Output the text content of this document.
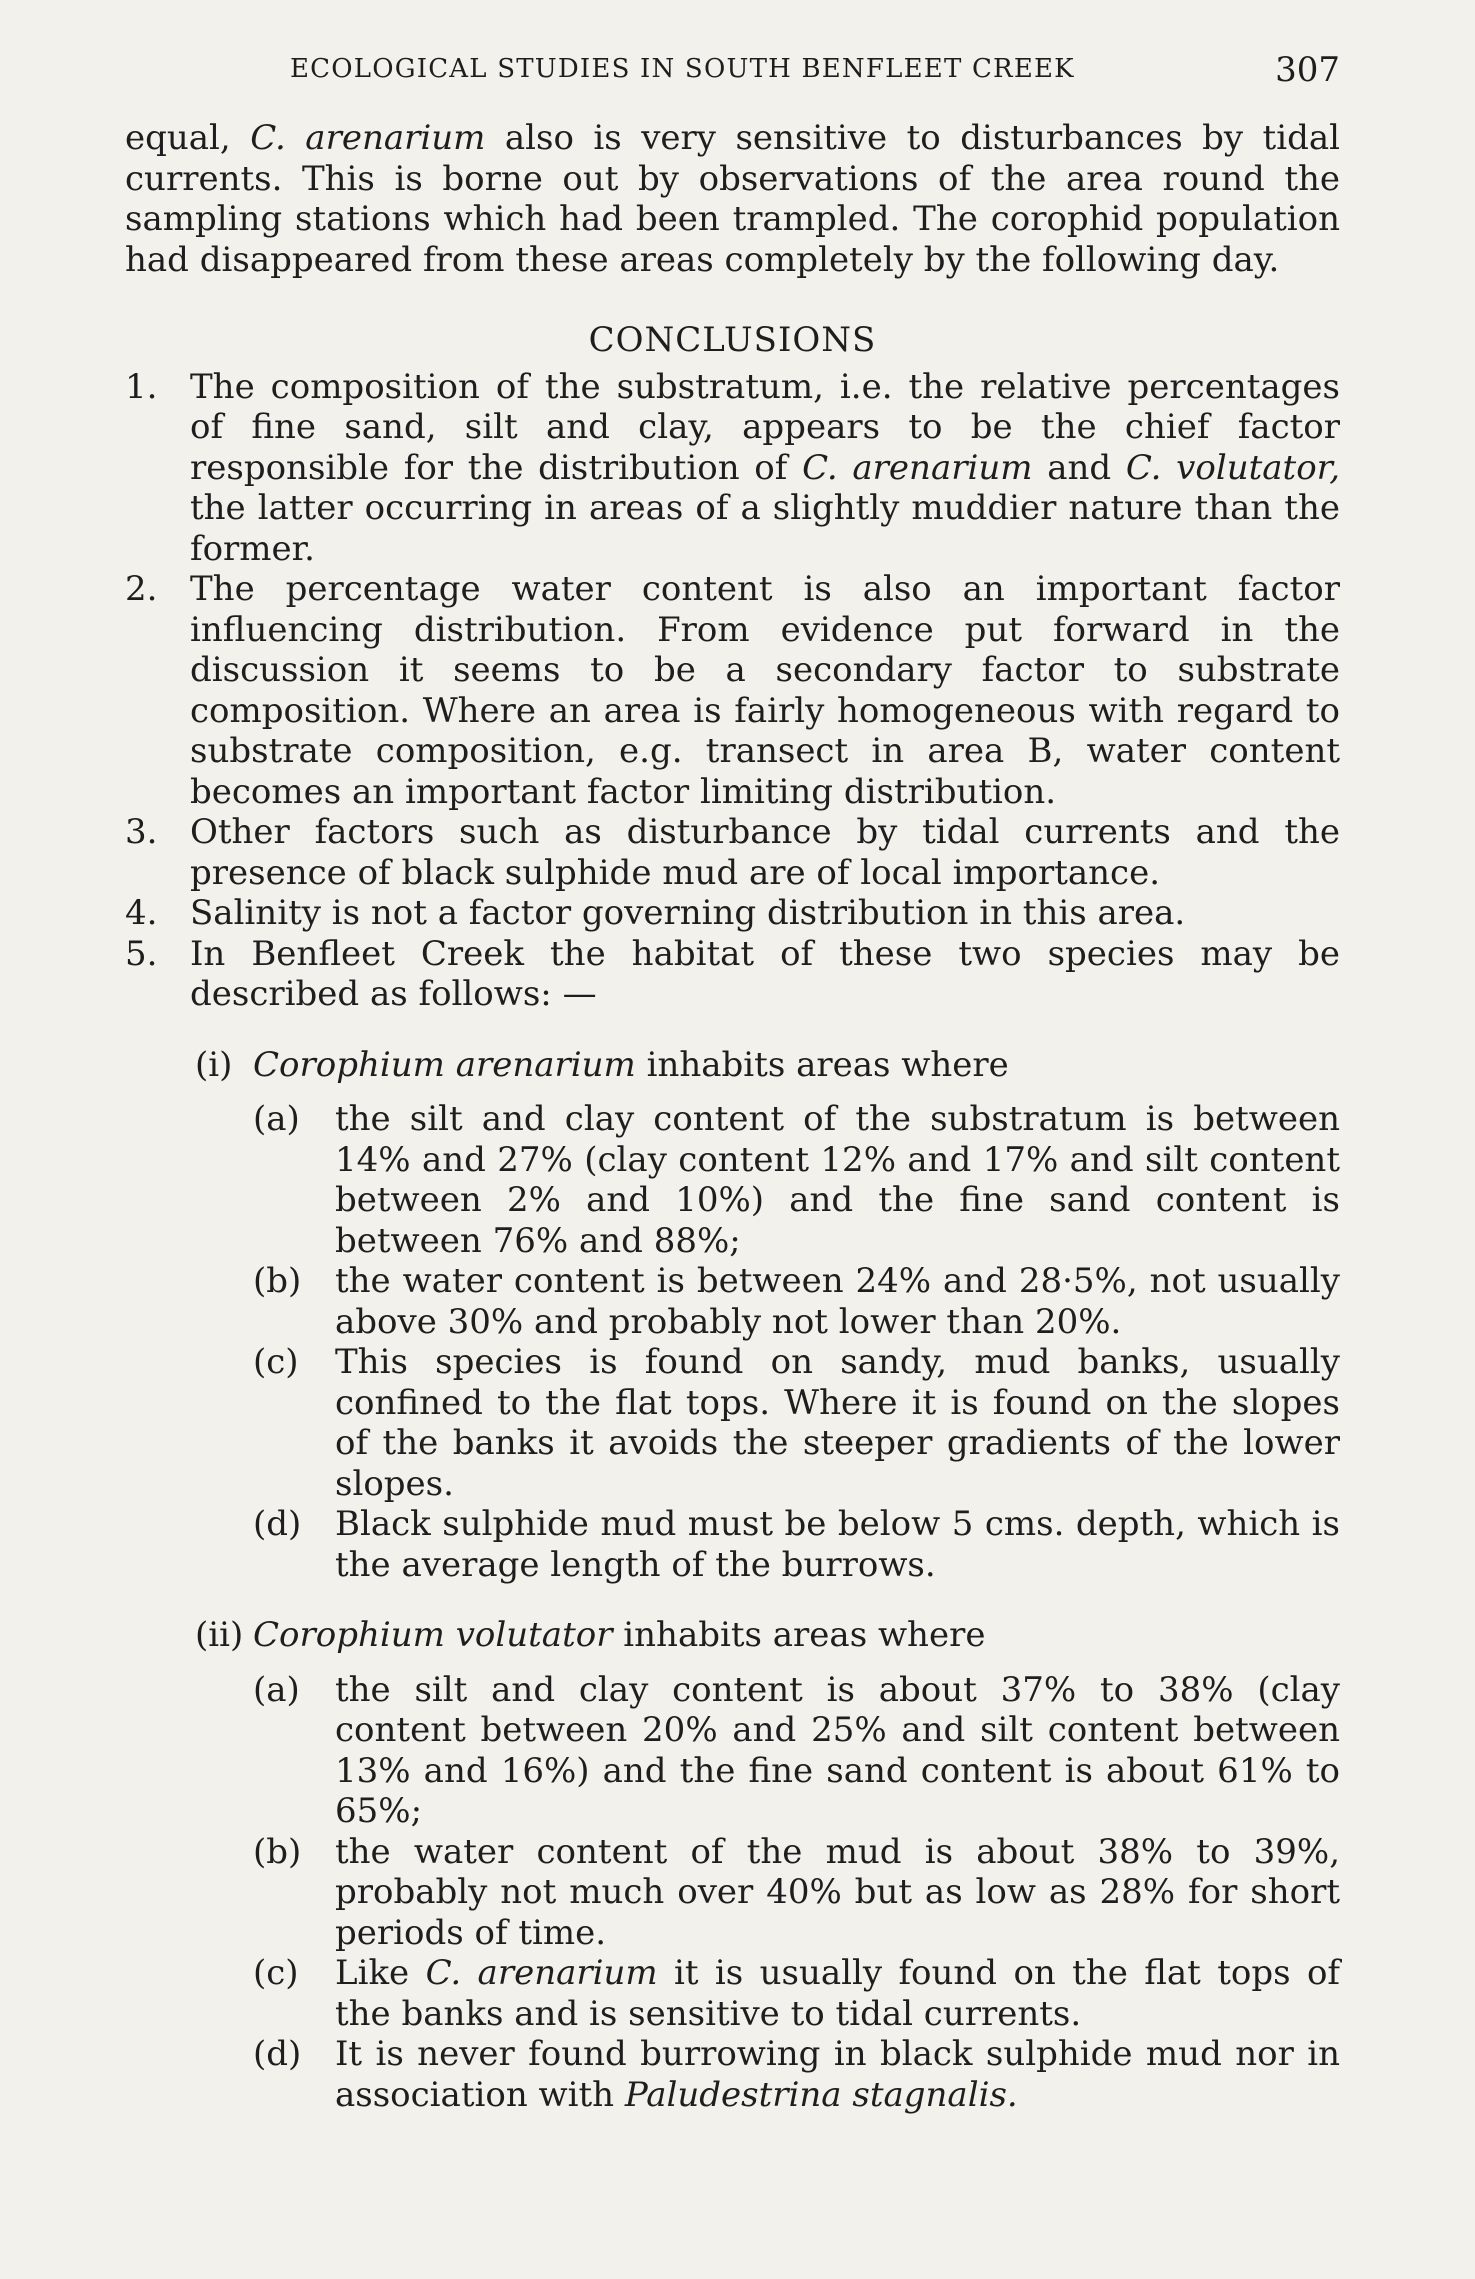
ECOLOGICAL STUDIES IN SOUTH BENFLEET CREEK	307

equal, C. arenarium also is very sensitive to disturbances by tidal currents. This is borne out by observations of the area round the sampling stations which had been trampled. The corophid population had disappeared from these areas completely by the following day.

CONCLUSIONS
1. The composition of the substratum, i.e. the relative percentages of fine sand, silt and clay, appears to be the chief factor responsible for the distribution of C. arenarium and C. volutator, the latter occurring in areas of a slightly muddier nature than the former.
2. The percentage water content is also an important factor influencing distribution. From evidence put forward in the discussion it seems to be a secondary factor to substrate composition. Where an area is fairly homogeneous with regard to substrate composition, e.g. transect in area B, water content becomes an important factor limiting distribution.
3. Other factors such as disturbance by tidal currents and the presence of black sulphide mud are of local importance.
4. Salinity is not a factor governing distribution in this area.
5. In Benfleet Creek the habitat of these two species may be described as follows: —
(i) Corophium arenarium inhabits areas where
(a) the silt and clay content of the substratum is between 14% and 27% (clay content 12% and 17% and silt content between 2% and 10%) and the fine sand content is between 76% and 88%;
(b) the water content is between 24% and 28·5%, not usually above 30% and probably not lower than 20%.
(c) This species is found on sandy, mud banks, usually confined to the flat tops. Where it is found on the slopes of the banks it avoids the steeper gradients of the lower slopes.
(d) Black sulphide mud must be below 5 cms. depth, which is the average length of the burrows.
(ii) Corophium volutator inhabits areas where
(a) the silt and clay content is about 37% to 38% (clay content between 20% and 25% and silt content between 13% and 16%) and the fine sand content is about 61% to 65%;
(b) the water content of the mud is about 38% to 39%, probably not much over 40% but as low as 28% for short periods of time.
(c) Like C. arenarium it is usually found on the flat tops of the banks and is sensitive to tidal currents.
(d) It is never found burrowing in black sulphide mud nor in association with Paludestrina stagnalis.
